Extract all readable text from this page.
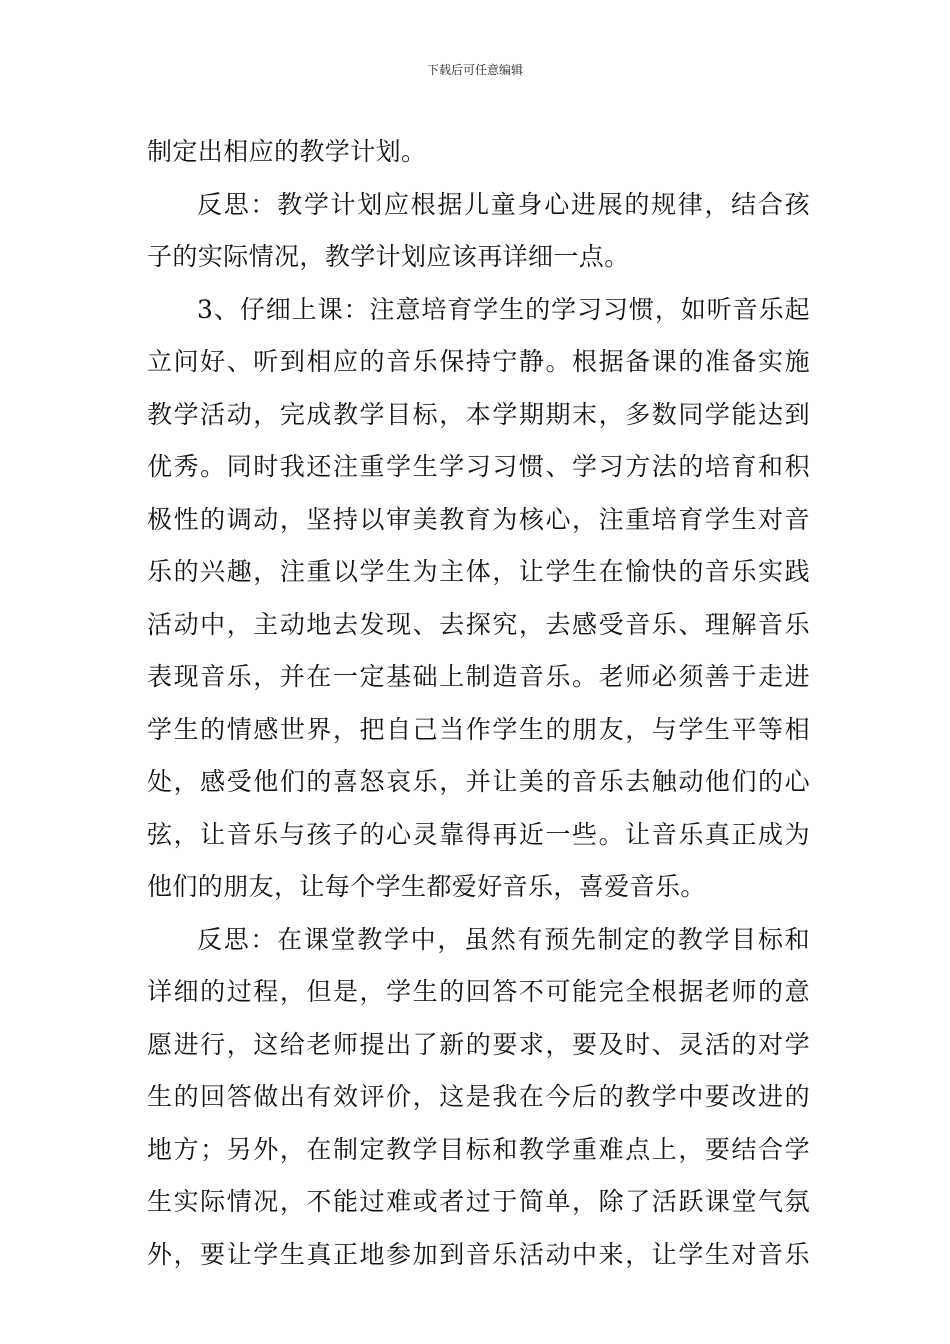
下载后可任意编辑
制定出相应的教学计划。
反思：教学计划应根据儿童身心进展的规律，结合孩
子的实际情况，教学计划应该再详细一点。
3、仔细上课：注意培育学生的学习习惯，如听音乐起
立问好、听到相应的音乐保持宁静。根据备课的准备实施
教学活动，完成教学目标，本学期期末，多数同学能达到
优秀。同时我还注重学生学习习惯、学习方法的培育和积
极性的调动，坚持以审美教育为核心，注重培育学生对音
乐的兴趣，注重以学生为主体，让学生在愉快的音乐实践
活动中，主动地去发现、去探究，去感受音乐、理解音乐
表现音乐，并在一定基础上制造音乐。老师必须善于走进
学生的情感世界，把自己当作学生的朋友，与学生平等相
处，感受他们的喜怒哀乐，并让美的音乐去触动他们的心
弦，让音乐与孩子的心灵靠得再近一些。让音乐真正成为
他们的朋友，让每个学生都爱好音乐，喜爱音乐。
反思：在课堂教学中，虽然有预先制定的教学目标和
详细的过程，但是，学生的回答不可能完全根据老师的意
愿进行，这给老师提出了新的要求，要及时、灵活的对学
生的回答做出有效评价，这是我在今后的教学中要改进的
地方；另外，在制定教学目标和教学重难点上，要结合学
生实际情况，不能过难或者过于简单，除了活跃课堂气氛
外，要让学生真正地参加到音乐活动中来，让学生对音乐
